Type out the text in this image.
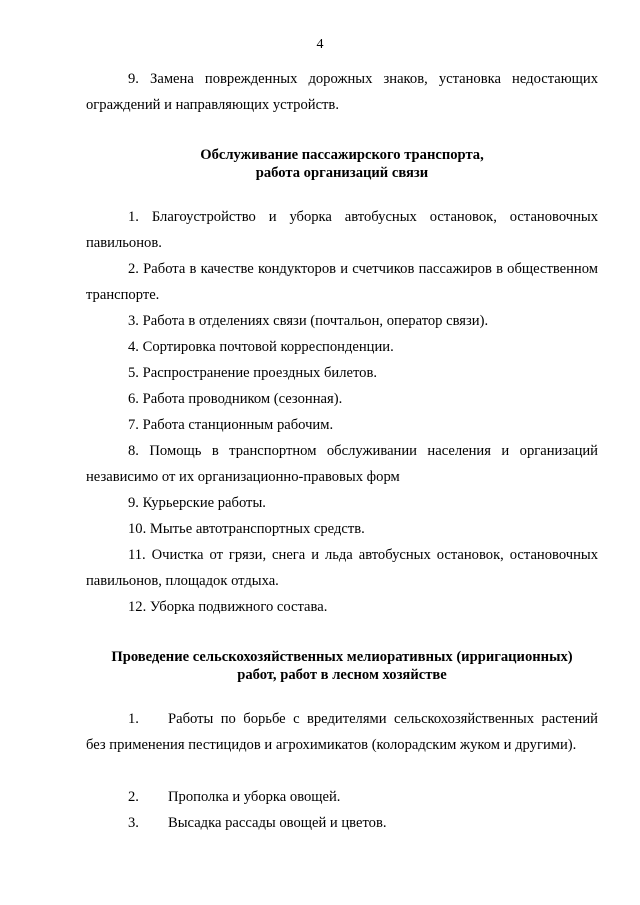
4

9. Замена поврежденных дорожных знаков, установка недостающих ограждений и направляющих устройств.

Обслуживание пассажирского транспорта,
работа организаций связи

1. Благоустройство и уборка автобусных остановок, остановочных павильонов.

2. Работа в качестве кондукторов и счетчиков пассажиров в общественном транспорте.

3. Работа в отделениях связи (почтальон, оператор связи).

4. Сортировка почтовой корреспонденции.

5. Распространение проездных билетов.

6. Работа проводником (сезонная).

7. Работа станционным рабочим.

8. Помощь в транспортном обслуживании населения и организаций независимо от их организационно-правовых форм

9. Курьерские работы.

10. Мытье автотранспортных средств.

11. Очистка от грязи, снега и льда автобусных остановок, остановочных павильонов, площадок отдыха.

12. Уборка подвижного состава.

Проведение сельскохозяйственных мелиоративных (ирригационных)
работ, работ в лесном хозяйстве

1. Работы по борьбе с вредителями сельскохозяйственных растений без применения пестицидов и агрохимикатов (колорадским жуком и другими).

2. Прополка и уборка овощей.

3. Высадка рассады овощей и цветов.
